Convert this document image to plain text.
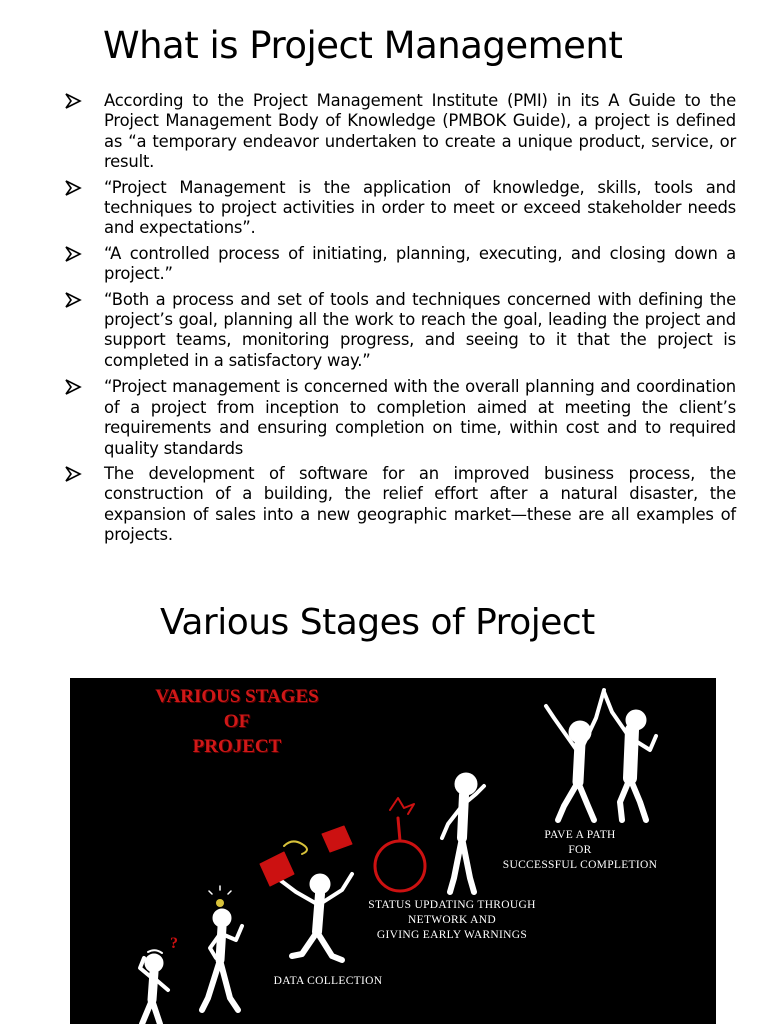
What is Project Management
According to the Project Management Institute (PMI) in its A Guide to the Project Management Body of Knowledge (PMBOK Guide), a project is defined as “a temporary endeavor undertaken to create a unique product, service, or result.
“Project Management is the application of knowledge, skills, tools and techniques to project activities in order to meet or exceed stakeholder needs and expectations”.
“A controlled process of initiating, planning, executing, and closing down a project.”
“Both a process and set of tools and techniques concerned with defining the project’s goal, planning all the work to reach the goal, leading the project and support teams, monitoring progress, and seeing to it that the project is completed in a satisfactory way.”
“Project management is concerned with the overall planning and coordination of a project from inception to completion aimed at meeting the client’s requirements and ensuring completion on time, within cost and to required quality standards
The development of software for an improved business process, the construction of a building, the relief effort after a natural disaster, the expansion of sales into a new geographic market—these are all examples of projects.
Various Stages of Project
?
VARIOUS STAGES
OF
PROJECT
PAVE A PATH
FOR
SUCCESSFUL COMPLETION
STATUS UPDATING THROUGH
NETWORK AND
GIVING EARLY WARNINGS
DATA COLLECTION
